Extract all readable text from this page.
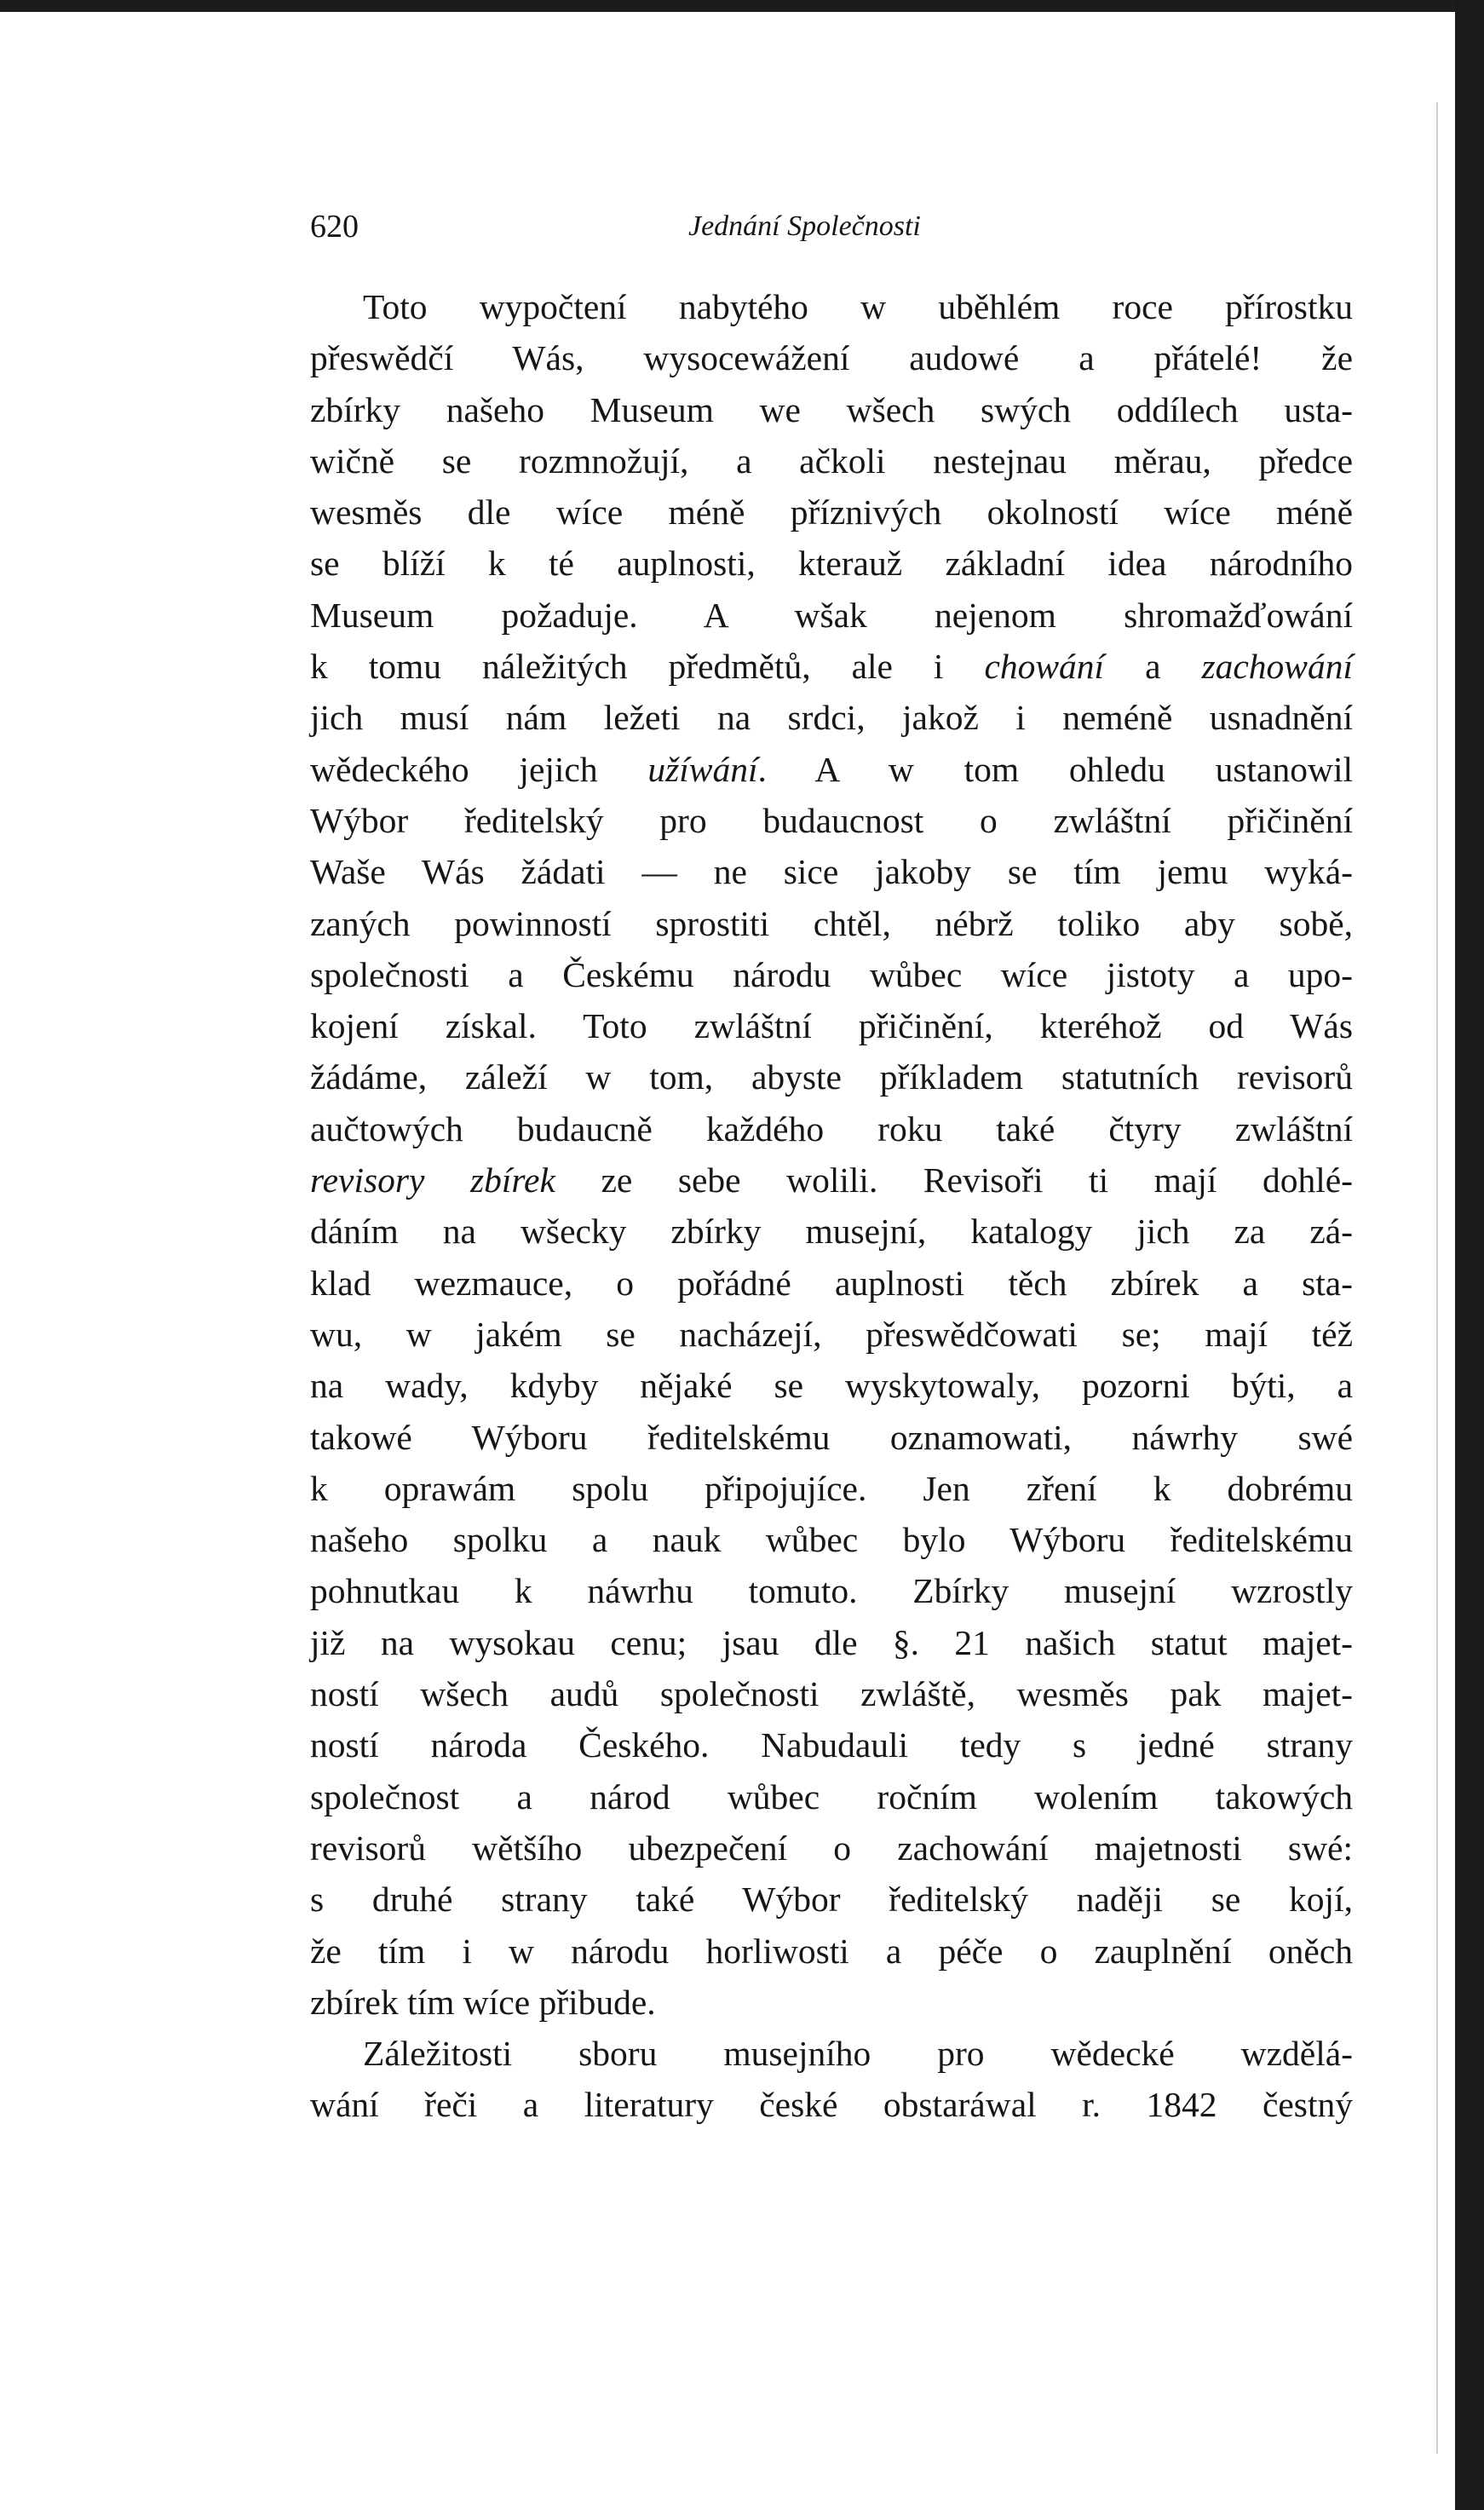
620	Jednání Společnosti
Toto wypočtení nabytého w uběhlém roce přírostku
přeswědčí Wás, wysocewážení audowé a přátelé! že
zbírky našeho Museum we wšech swých oddílech usta-
wičně se rozmnožují, a ačkoli nestejnau měrau, předce
wesměs dle wíce méně příznivých okolností wíce méně
se blíží k té auplnosti, kterauž základní idea národního
Museum požaduje. A wšak nejenom shromažďowání
k tomu náležitých předmětů, ale i chowání a zachowání
jich musí nám ležeti na srdci, jakož i neméně usnadnění
wědeckého jejich užíwání. A w tom ohledu ustanowil
Wýbor ředitelský pro budaucnost o zwláštní přičinění
Waše Wás žádati — ne sice jakoby se tím jemu wyká-
zaných powinností sprostiti chtěl, nébrž toliko aby sobě,
společnosti a Českému národu wůbec wíce jistoty a upo-
kojení získal. Toto zwláštní přičinění, kteréhož od Wás
žádáme, záleží w tom, abyste příkladem statutních revisorů
aučtowých budaucně každého roku také čtyry zwláštní
revisory zbírek ze sebe wolili. Revisoři ti mají dohlé-
dáním na wšecky zbírky musejní, katalogy jich za zá-
klad wezmauce, o pořádné auplnosti těch zbírek a sta-
wu, w jakém se nacházejí, přeswědčowati se; mají též
na wady, kdyby nějaké se wyskytowaly, pozorni býti, a
takowé Wýboru ředitelskému oznamowati, náwrhy swé
k oprawám spolu připojujíce. Jen zření k dobrému
našeho spolku a nauk wůbec bylo Wýboru ředitelskému
pohnutkau k náwrhu tomuto. Zbírky musejní wzrostly
již na wysokau cenu; jsau dle §. 21 našich statut majet-
ností wšech audů společnosti zwláště, wesměs pak majet-
ností národa Českého. Nabudauli tedy s jedné strany
společnost a národ wůbec ročním wolením takowých
revisorů wětšího ubezpečení o zachowání majetnosti swé:
s druhé strany také Wýbor ředitelský naději se kojí,
že tím i w národu horliwosti a péče o zauplnění oněch
zbírek tím wíce přibude.
Záležitosti sboru musejního pro wědecké wzdělá-
wání řeči a literatury české obstaráwal r. 1842 čestný
